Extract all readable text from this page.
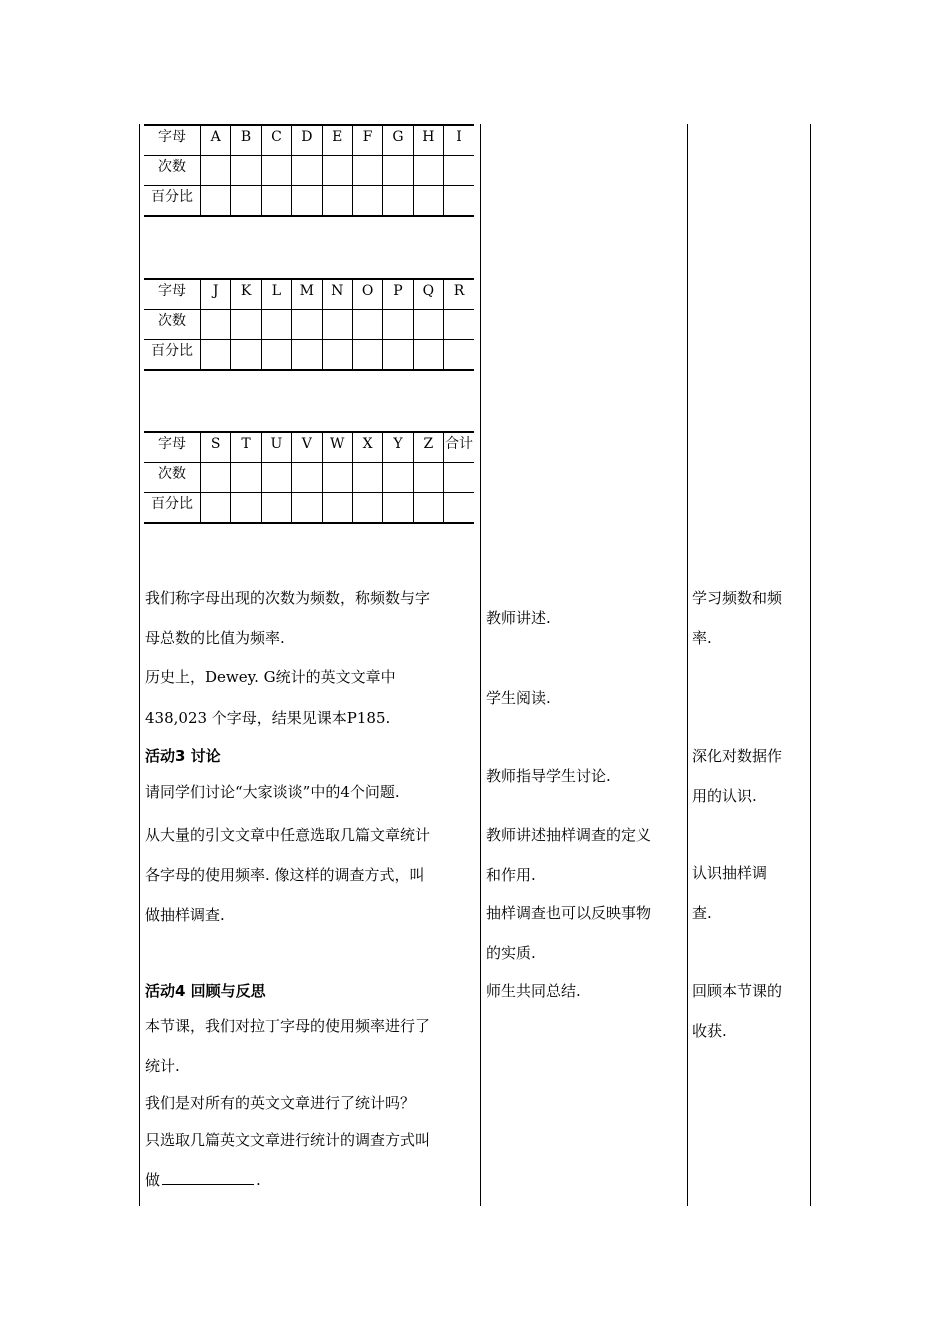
字母	A	B	C	D	E	F	G	H	I
次数									
百分比									
字母	J	K	L	M	N	O	P	Q	R
次数									
百分比									
字母	S	T	U	V	W	X	Y	Z	合计
次数									
百分比									
我们称字母出现的次数为频数，称频数与字
母总数的比值为频率.
历史上，Dewey. G统计的英文文章中
438,023 个字母，结果见课本P185.
活动3 讨论
请同学们讨论“大家谈谈”中的4个问题.
从大量的引文文章中任意选取几篇文章统计
各字母的使用频率. 像这样的调查方式，叫
做抽样调查.
活动4 回顾与反思
本节课，我们对拉丁字母的使用频率进行了
统计.
我们是对所有的英文文章进行了统计吗？
只选取几篇英文文章进行统计的调查方式叫
做	.
教师讲述.
学生阅读.
教师指导学生讨论.
教师讲述抽样调查的定义
和作用.
抽样调查也可以反映事物
的实质.
师生共同总结.
学习频数和频
率.
深化对数据作
用的认识.
认识抽样调
查.
回顾本节课的
收获.
